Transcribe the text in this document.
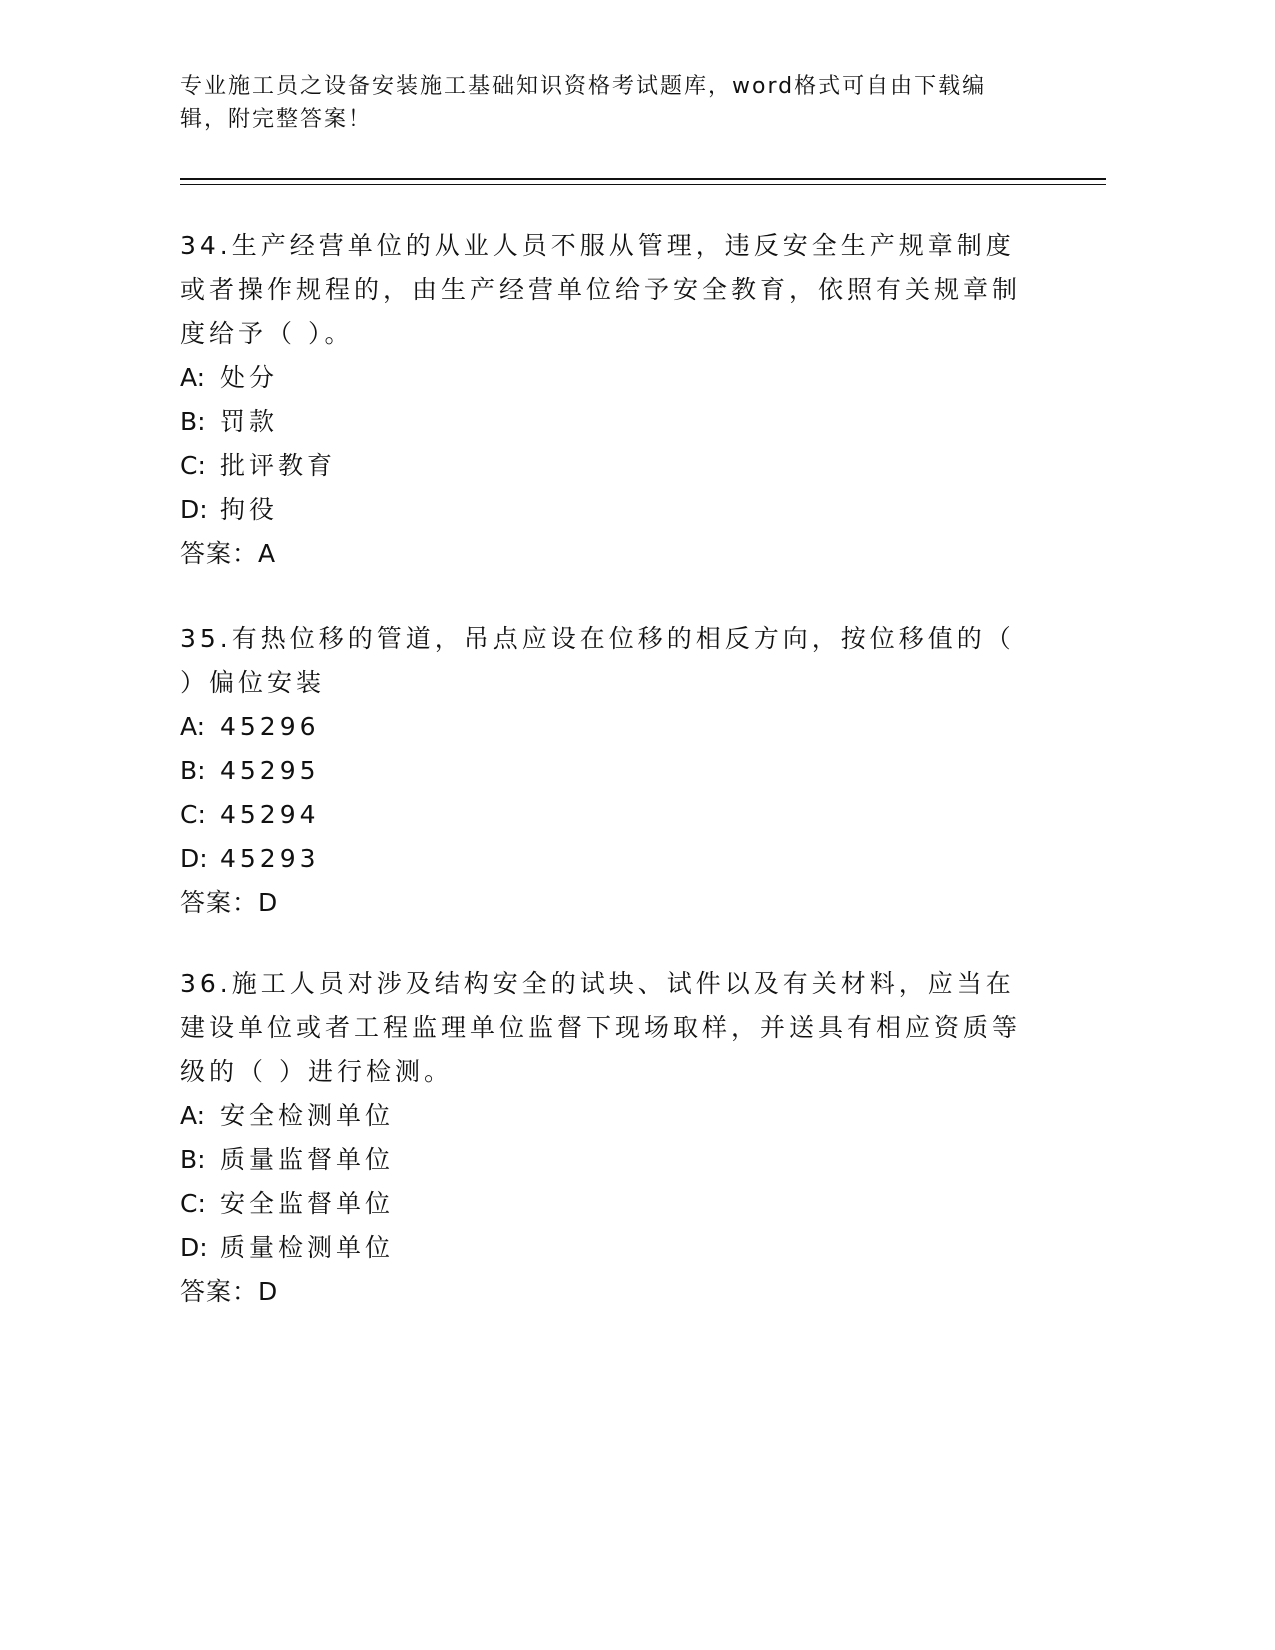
专业施工员之设备安装施工基础知识资格考试题库，word格式可自由下载编辑，附完整答案！

34.生产经营单位的从业人员不服从管理，违反安全生产规章制度或者操作规程的，由生产经营单位给予安全教育，依照有关规章制度给予（ ）。

A: 处分

B: 罚款

C: 批评教育

D: 拘役

答案：A

35.有热位移的管道，吊点应设在位移的相反方向，按位移值的（ ）偏位安装

A: 45296

B: 45295

C: 45294

D: 45293

答案：D

36.施工人员对涉及结构安全的试块、试件以及有关材料，应当在建设单位或者工程监理单位监督下现场取样，并送具有相应资质等级的（ ）进行检测。

A: 安全检测单位

B: 质量监督单位

C: 安全监督单位

D: 质量检测单位

答案：D
